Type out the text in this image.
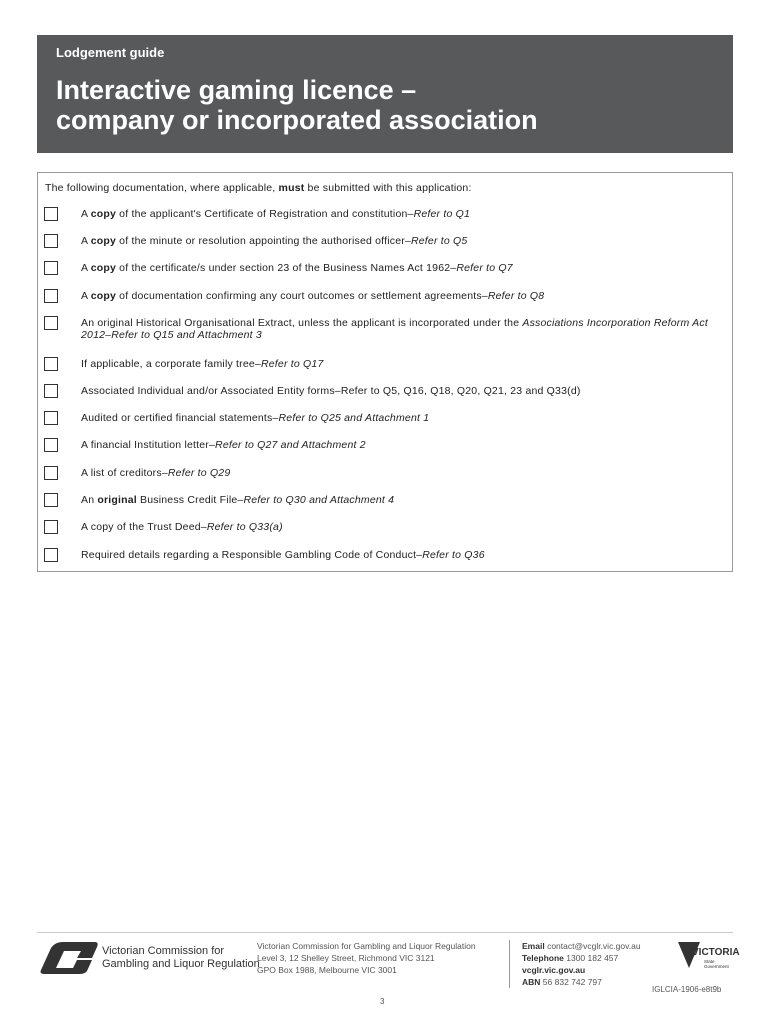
Lodgement guide
Interactive gaming licence –
company or incorporated association
The following documentation, where applicable, must be submitted with this application:
A copy of the applicant's Certificate of Registration and constitution–Refer to Q1
A copy of the minute or resolution appointing the authorised officer–Refer to Q5
A copy of the certificate/s under section 23 of the Business Names Act 1962–Refer to Q7
A copy of documentation confirming any court outcomes or settlement agreements–Refer to Q8
An original Historical Organisational Extract, unless the applicant is incorporated under the Associations Incorporation Reform Act 2012–Refer to Q15 and Attachment 3
If applicable, a corporate family tree–Refer to Q17
Associated Individual and/or Associated Entity forms–Refer to Q5, Q16, Q18, Q20, Q21, 23 and Q33(d)
Audited or certified financial statements–Refer to Q25 and Attachment 1
A financial Institution letter–Refer to Q27 and Attachment 2
A list of creditors–Refer to Q29
An original Business Credit File–Refer to Q30 and Attachment 4
A copy of the Trust Deed–Refer to Q33(a)
Required details regarding a Responsible Gambling Code of Conduct–Refer to Q36
Victorian Commission for
Gambling and Liquor Regulation
Victorian Commission for Gambling and Liquor Regulation
Level 3, 12 Shelley Street, Richmond VIC 3121
GPO Box 1988, Melbourne VIC 3001
Email contact@vcglr.vic.gov.au
Telephone 1300 182 457
vcglr.vic.gov.au
ABN 56 832 742 797
VICTORIA
State
Government
IGLCIA-1906-e8t9b
3
